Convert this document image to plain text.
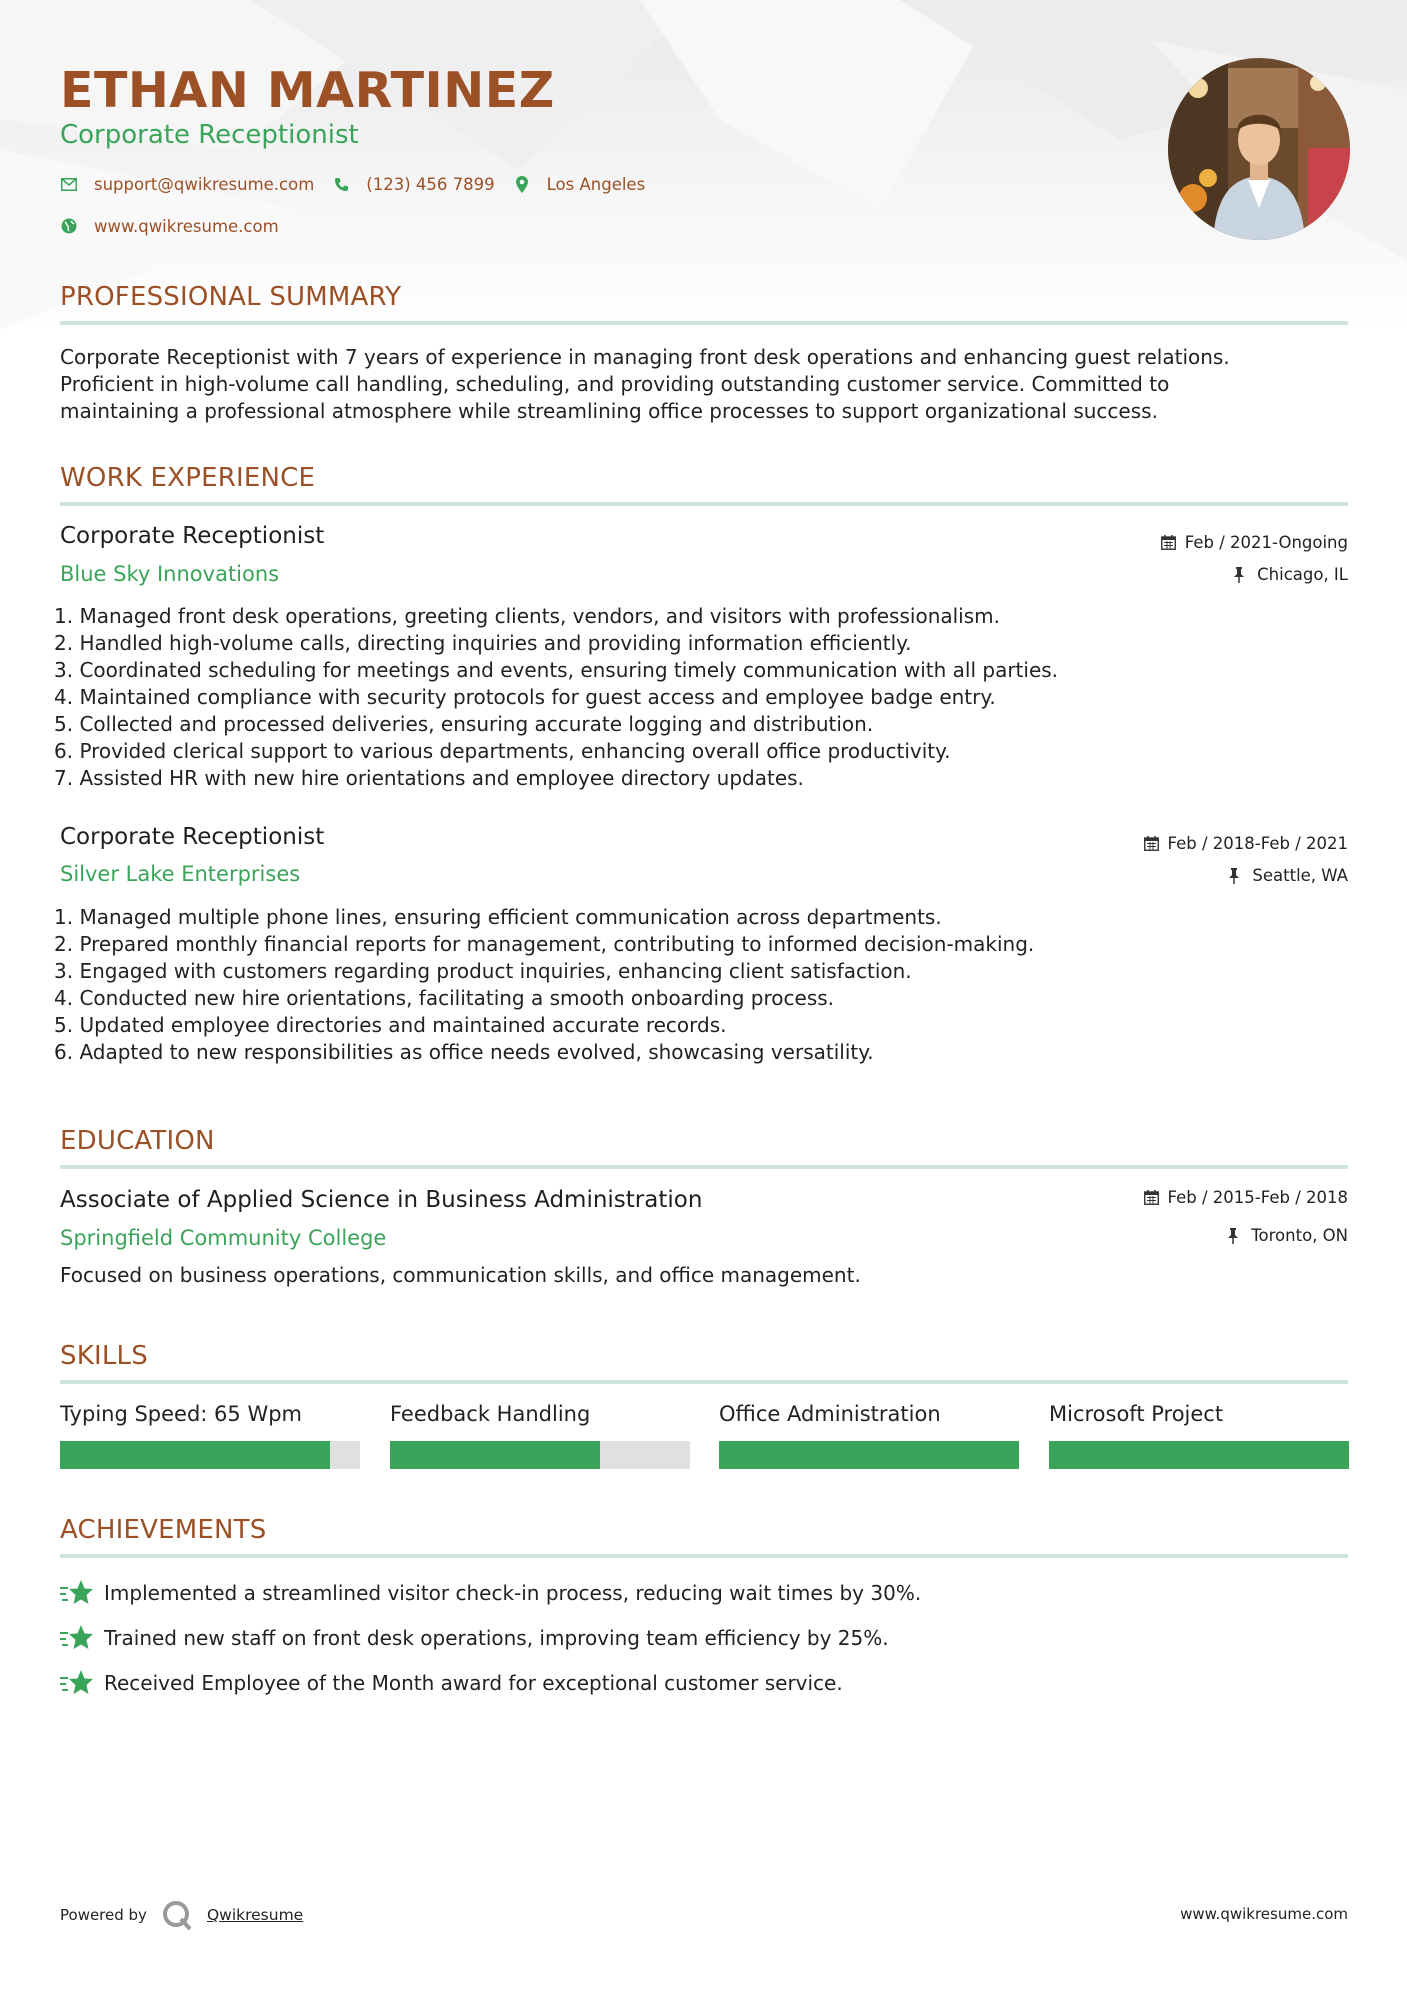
ETHAN MARTINEZ
Corporate Receptionist
support@qwikresume.com	(123) 456 7899	Los Angeles
www.qwikresume.com
PROFESSIONAL SUMMARY
Corporate Receptionist with 7 years of experience in managing front desk operations and enhancing guest relations.
Proficient in high-volume call handling, scheduling, and providing outstanding customer service. Committed to
maintaining a professional atmosphere while streamlining office processes to support organizational success.
WORK EXPERIENCE
Corporate Receptionist
Blue Sky Innovations
Feb / 2021-Ongoing
Chicago, IL
1. Managed front desk operations, greeting clients, vendors, and visitors with professionalism.
2. Handled high-volume calls, directing inquiries and providing information efficiently.
3. Coordinated scheduling for meetings and events, ensuring timely communication with all parties.
4. Maintained compliance with security protocols for guest access and employee badge entry.
5. Collected and processed deliveries, ensuring accurate logging and distribution.
6. Provided clerical support to various departments, enhancing overall office productivity.
7. Assisted HR with new hire orientations and employee directory updates.
Corporate Receptionist
Silver Lake Enterprises
Feb / 2018-Feb / 2021
Seattle, WA
1. Managed multiple phone lines, ensuring efficient communication across departments.
2. Prepared monthly financial reports for management, contributing to informed decision-making.
3. Engaged with customers regarding product inquiries, enhancing client satisfaction.
4. Conducted new hire orientations, facilitating a smooth onboarding process.
5. Updated employee directories and maintained accurate records.
6. Adapted to new responsibilities as office needs evolved, showcasing versatility.
EDUCATION
Associate of Applied Science in Business Administration
Springfield Community College
Feb / 2015-Feb / 2018
Toronto, ON
Focused on business operations, communication skills, and office management.
SKILLS
Typing Speed: 65 Wpm	Feedback Handling	Office Administration	Microsoft Project
ACHIEVEMENTS
Implemented a streamlined visitor check-in process, reducing wait times by 30%.
Trained new staff on front desk operations, improving team efficiency by 25%.
Received Employee of the Month award for exceptional customer service.
Powered by	Qwikresume	www.qwikresume.com
